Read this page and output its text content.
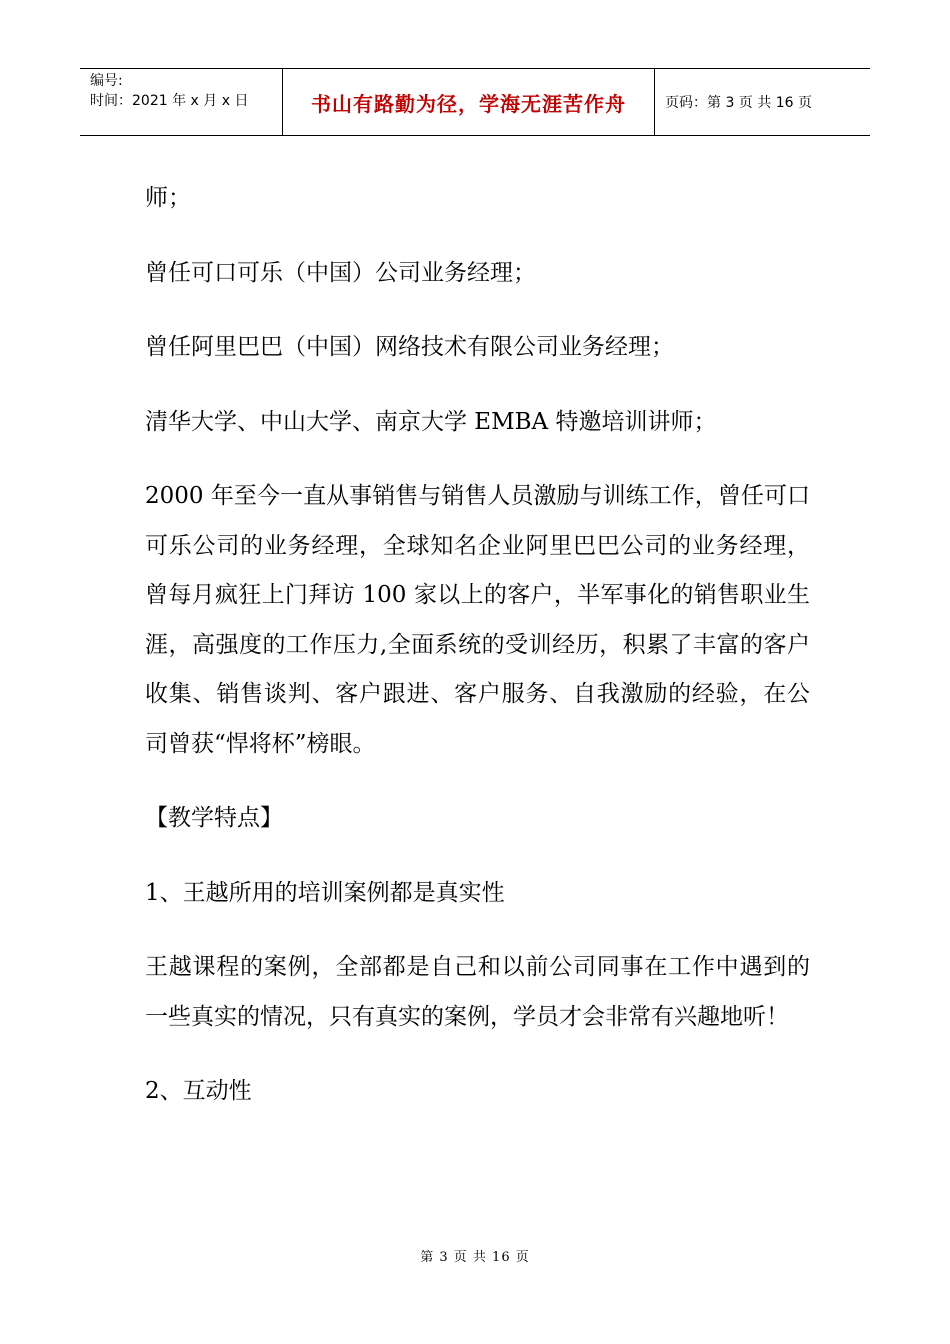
编号:
时间：2021 年 x 月 x 日	书山有路勤为径，学海无涯苦作舟	页码：第 3 页 共 16 页

师；

曾任可口可乐（中国）公司业务经理；

曾任阿里巴巴（中国）网络技术有限公司业务经理；

清华大学、中山大学、南京大学 EMBA 特邀培训讲师；

2000 年至今一直从事销售与销售人员激励与训练工作，曾任可口可乐公司的业务经理，全球知名企业阿里巴巴公司的业务经理，曾每月疯狂上门拜访 100 家以上的客户，半军事化的销售职业生涯，高强度的工作压力,全面系统的受训经历，积累了丰富的客户收集、销售谈判、客户跟进、客户服务、自我激励的经验，在公司曾获“悍将杯”榜眼。

【教学特点】

1、王越所用的培训案例都是真实性

王越课程的案例，全部都是自己和以前公司同事在工作中遇到的一些真实的情况，只有真实的案例，学员才会非常有兴趣地听！

2、互动性

第 3 页 共 16 页
